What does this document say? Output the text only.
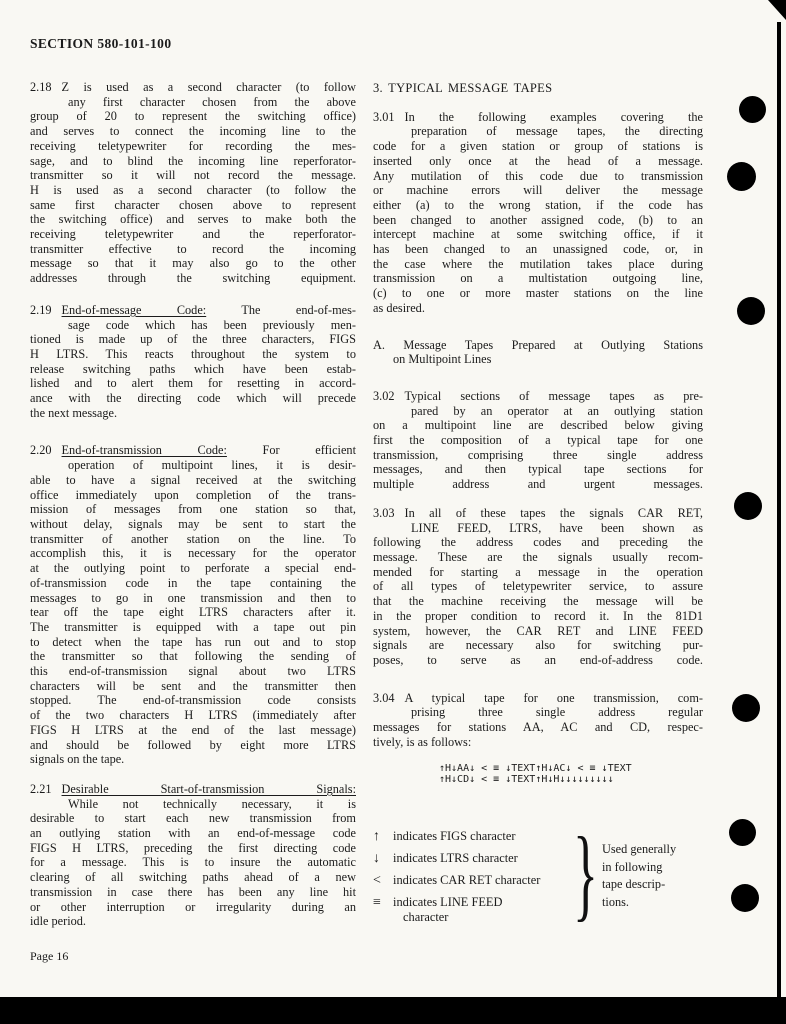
SECTION 580-101-100
2.18 Z is used as a second character (to follow
any first character chosen from the above
group of 20 to represent the switching office)
and serves to connect the incoming line to the
receiving teletypewriter for recording the mes-
sage, and to blind the incoming line reperforator-
transmitter so it will not record the message.
H is used as a second character (to follow the
same first character chosen above to represent
the switching office) and serves to make both the
receiving teletypewriter and the reperforator-
transmitter effective to record the incoming
message so that it may also go to the other
addresses through the switching equipment.
2.19 End-of-message Code: The end-of-mes-
sage code which has been previously men-
tioned is made up of the three characters, FIGS
H LTRS. This reacts throughout the system to
release switching paths which have been estab-
lished and to alert them for resetting in accord-
ance with the directing code which will precede
the next message.
2.20 End-of-transmission Code: For efficient
operation of multipoint lines, it is desir-
able to have a signal received at the switching
office immediately upon completion of the trans-
mission of messages from one station so that,
without delay, signals may be sent to start the
transmitter of another station on the line. To
accomplish this, it is necessary for the operator
at the outlying point to perforate a special end-
of-transmission code in the tape containing the
messages to go in one transmission and then to
tear off the tape eight LTRS characters after it.
The transmitter is equipped with a tape out pin
to detect when the tape has run out and to stop
the transmitter so that following the sending of
this end-of-transmission signal about two LTRS
characters will be sent and the transmitter then
stopped. The end-of-transmission code consists
of the two characters H LTRS (immediately after
FIGS H LTRS at the end of the last message)
and should be followed by eight more LTRS
signals on the tape.
2.21 Desirable Start-of-transmission Signals:
While not technically necessary, it is
desirable to start each new transmission from
an outlying station with an end-of-message code
FIGS H LTRS, preceding the first directing code
for a message. This is to insure the automatic
clearing of all switching paths ahead of a new
transmission in case there has been any line hit
or other interruption or irregularity during an
idle period.
3. TYPICAL MESSAGE TAPES
3.01 In the following examples covering the
preparation of message tapes, the directing
code for a given station or group of stations is
inserted only once at the head of a message.
Any mutilation of this code due to transmission
or machine errors will deliver the message
either (a) to the wrong station, if the code has
been changed to another assigned code, (b) to an
intercept machine at some switching office, if it
has been changed to an unassigned code, or, in
the case where the mutilation takes place during
transmission on a multistation outgoing line,
(c) to one or more master stations on the line
as desired.
A. Message Tapes Prepared at Outlying Stations
on Multipoint Lines
3.02 Typical sections of message tapes as pre-
pared by an operator at an outlying station
on a multipoint line are described below giving
first the composition of a typical tape for one
transmission, comprising three single address
messages, and then typical tape sections for
multiple address and urgent messages.
3.03 In all of these tapes the signals CAR RET,
LINE FEED, LTRS, have been shown as
following the address codes and preceding the
message. These are the signals usually recom-
mended for starting a message in the operation
of all types of teletypewriter service, to assure
that the machine receiving the message will be
in the proper condition to record it. In the 81D1
system, however, the CAR RET and LINE FEED
signals are necessary also for switching pur-
poses, to serve as an end-of-address code.
3.04 A typical tape for one transmission, com-
prising three single address regular
messages for stations AA, AC and CD, respec-
tively, is as follows:
↑H↓AA↓ < ≡ ↓TEXT↑H↓AC↓ < ≡ ↓TEXT
↑H↓CD↓ < ≡ ↓TEXT↑H↓H↓↓↓↓↓↓↓↓↓
↑	indicates FIGS character
↓	indicates LTRS character
< indicates CAR RET character
≡ indicates LINE FEED
character	} Used generally
in following
tape descrip-
tions.
Page 16
